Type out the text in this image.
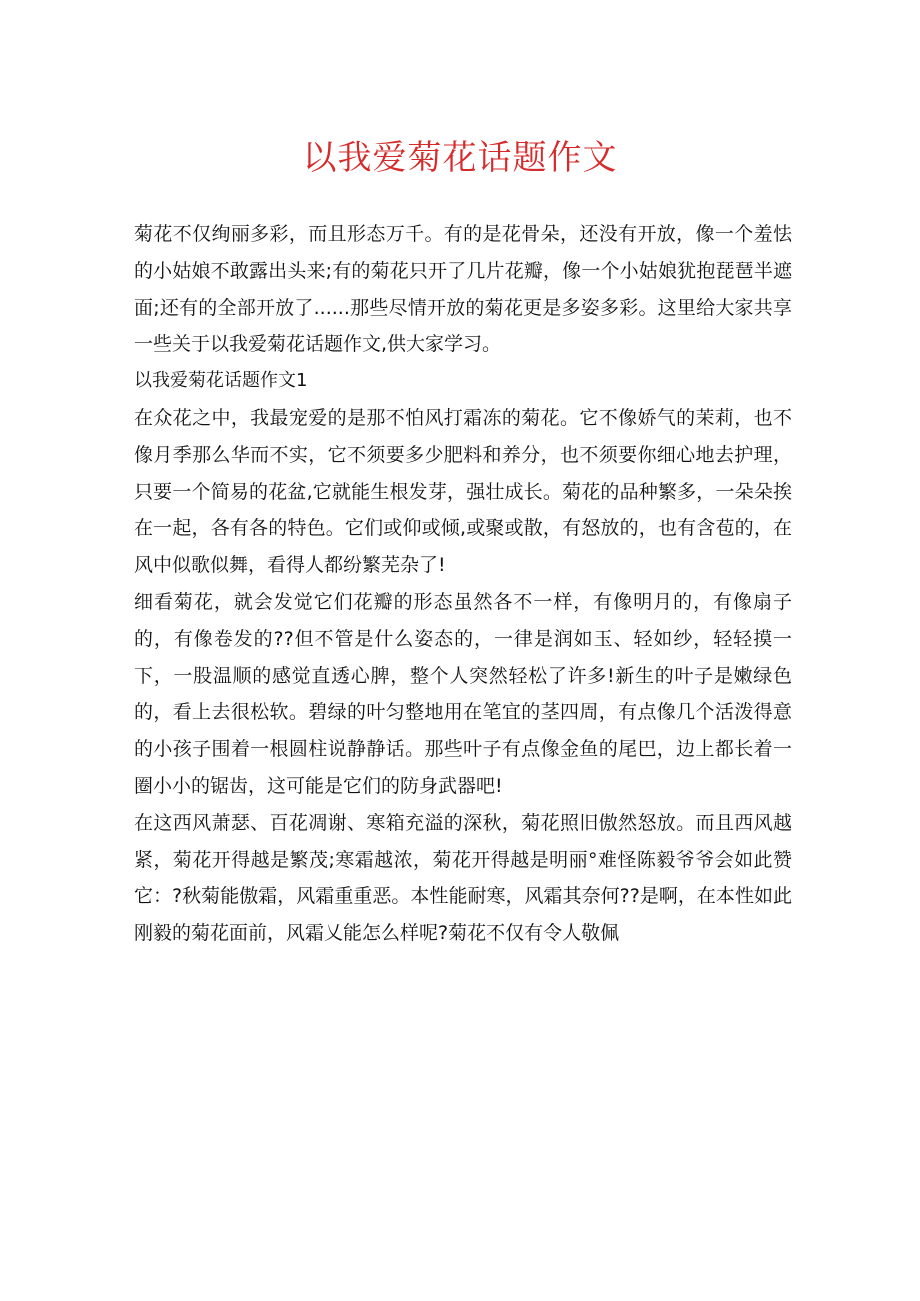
以我爱菊花话题作文

菊花不仅绚丽多彩，而且形态万千。有的是花骨朵，还没有开放，像一个羞怯的小姑娘不敢露出头来;有的菊花只开了几片花瓣，像一个小姑娘犹抱琵琶半遮面;还有的全部开放了......那些尽情开放的菊花更是多姿多彩。这里给大家共享一些关于以我爱菊花话题作文,供大家学习。

以我爱菊花话题作文1

在众花之中，我最宠爱的是那不怕风打霜冻的菊花。它不像娇气的茉莉，也不像月季那么华而不实，它不须要多少肥料和养分，也不须要你细心地去护理，只要一个简易的花盆,它就能生根发芽，强壮成长。菊花的品种繁多，一朵朵挨在一起，各有各的特色。它们或仰或倾,或聚或散，有怒放的，也有含苞的，在风中似歌似舞，看得人都纷繁芜杂了!

细看菊花，就会发觉它们花瓣的形态虽然各不一样，有像明月的，有像扇子的，有像卷发的??但不管是什么姿态的，一律是润如玉、轻如纱，轻轻摸一下，一股温顺的感觉直透心脾，整个人突然轻松了许多!新生的叶子是嫩绿色的，看上去很松软。碧绿的叶匀整地用在笔宜的茎四周，有点像几个活泼得意的小孩子围着一根圆柱说静静话。那些叶子有点像金鱼的尾巴，边上都长着一圈小小的锯齿，这可能是它们的防身武器吧!

在这西风萧瑟、百花凋谢、寒箱充溢的深秋，菊花照旧傲然怒放。而且西风越紧，菊花开得越是繁茂;寒霜越浓，菊花开得越是明丽°难怪陈毅爷爷会如此赞它：?秋菊能傲霜，风霜重重恶。本性能耐寒，风霜其奈何??是啊，在本性如此刚毅的菊花面前，风霜乂能怎么样呢?菊花不仅有令人敬佩
